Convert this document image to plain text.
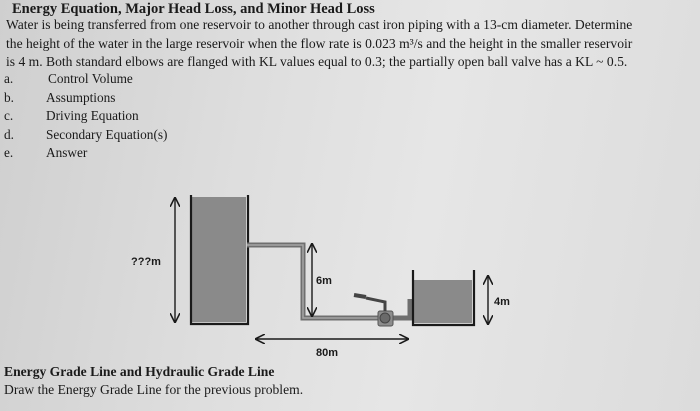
Energy Equation, Major Head Loss, and Minor Head Loss
Water is being transferred from one reservoir to another through cast iron piping with a 13-cm diameter. Determine
the height of the water in the large reservoir when the flow rate is 0.023 m³/s and the height in the smaller reservoir
is 4 m. Both standard elbows are flanged with KL values equal to 0.3; the partially open ball valve has a KL ~ 0.5.
a.	Control Volume
b. Assumptions
c. Driving Equation
d. Secondary Equation(s)
e. Answer
???m
6m
80m
4m
Energy Grade Line and Hydraulic Grade Line
Draw the Energy Grade Line for the previous problem.
